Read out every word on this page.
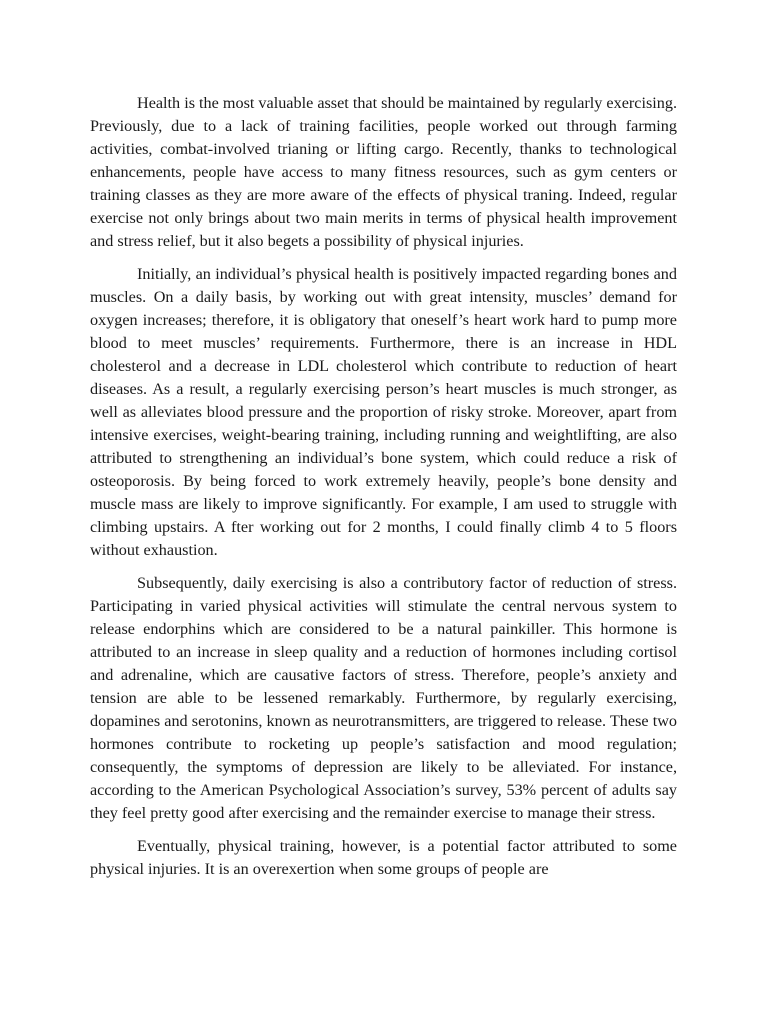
Health is the most valuable asset that should be maintained by regularly exercising. Previously, due to a lack of training facilities, people worked out through farming activities, combat-involved trianing or lifting cargo. Recently, thanks to technological enhancements, people have access to many fitness resources, such as gym centers or training classes as they are more aware of the effects of physical traning. Indeed, regular exercise not only brings about two main merits in terms of physical health improvement and stress relief, but it also begets a possibility of physical injuries.

Initially, an individual’s physical health is positively impacted regarding bones and muscles. On a daily basis, by working out with great intensity, muscles’ demand for oxygen increases; therefore, it is obligatory that oneself’s heart work hard to pump more blood to meet muscles’ requirements. Furthermore, there is an increase in HDL cholesterol and a decrease in LDL cholesterol which contribute to reduction of heart diseases. As a result, a regularly exercising person’s heart muscles is much stronger, as well as alleviates blood pressure and the proportion of risky stroke. Moreover, apart from intensive exercises, weight-bearing training, including running and weightlifting, are also attributed to strengthening an individual’s bone system, which could reduce a risk of osteoporosis. By being forced to work extremely heavily, people’s bone density and muscle mass are likely to improve significantly. For example, I am used to struggle with climbing upstairs. A fter working out for 2 months, I could finally climb 4 to 5 floors without exhaustion.

Subsequently, daily exercising is also a contributory factor of reduction of stress. Participating in varied physical activities will stimulate the central nervous system to release endorphins which are considered to be a natural painkiller. This hormone is attributed to an increase in sleep quality and a reduction of hormones including cortisol and adrenaline, which are causative factors of stress. Therefore, people’s anxiety and tension are able to be lessened remarkably. Furthermore, by regularly exercising, dopamines and serotonins, known as neurotransmitters, are triggered to release. These two hormones contribute to rocketing up people’s satisfaction and mood regulation; consequently, the symptoms of depression are likely to be alleviated. For instance, according to the American Psychological Association’s survey, 53% percent of adults say they feel pretty good after exercising and the remainder exercise to manage their stress.

Eventually, physical training, however, is a potential factor attributed to some physical injuries. It is an overexertion when some groups of people are
